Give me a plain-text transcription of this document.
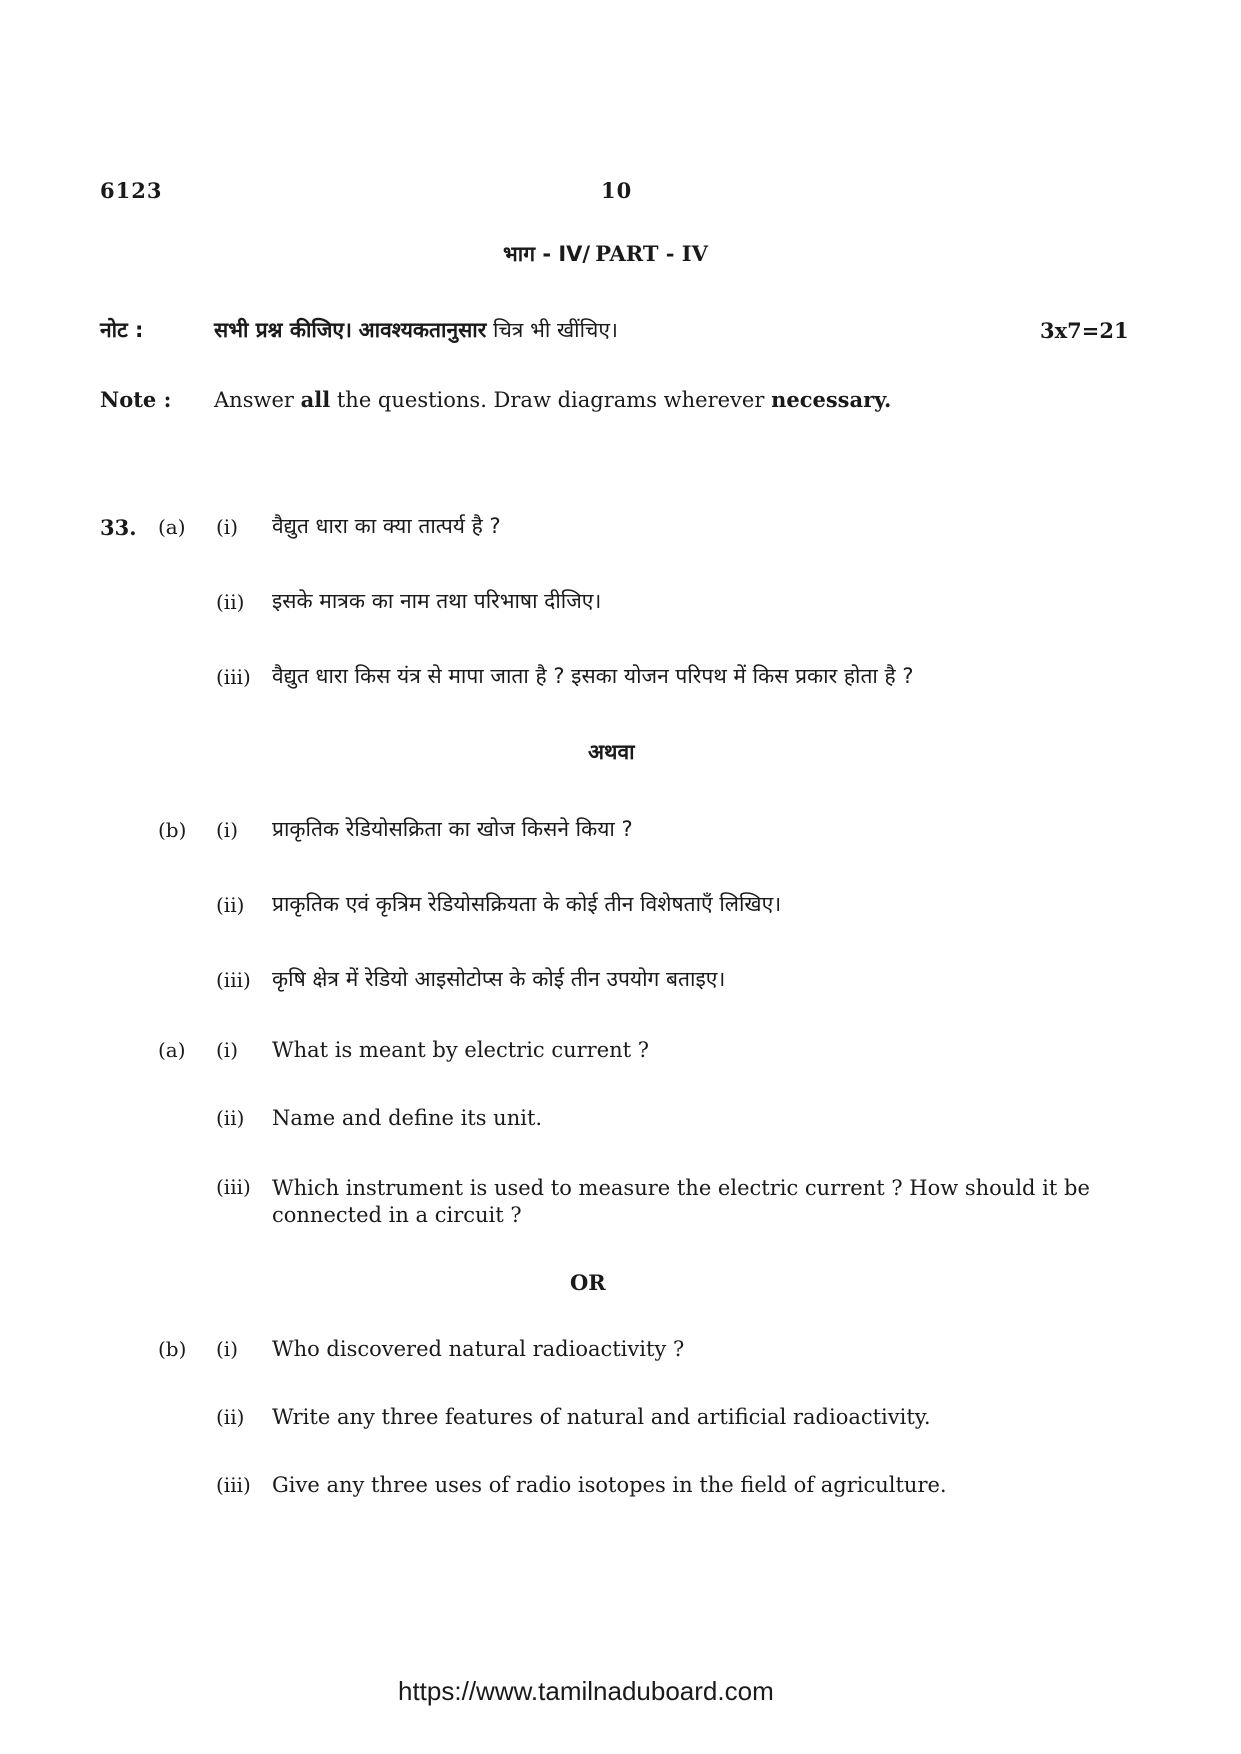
6123	10
भाग - IV/ PART - IV
नोट :	सभी प्रश्न कीजिए। आवश्यकतानुसार चित्र भी खींचिए।	3x7=21
Note : Answer all the questions. Draw diagrams wherever necessary.
33. (a) (i) वैद्युत धारा का क्या तात्पर्य है ?
(ii) इसके मात्रक का नाम तथा परिभाषा दीजिए।
(iii) वैद्युत धारा किस यंत्र से मापा जाता है ? इसका योजन परिपथ में किस प्रकार होता है ?
अथवा
(b) (i) प्राकृतिक रेडियोसक्रिता का खोज किसने किया ?
(ii) प्राकृतिक एवं कृत्रिम रेडियोसक्रियता के कोई तीन विशेषताएँ लिखिए।
(iii) कृषि क्षेत्र में रेडियो आइसोटोप्स के कोई तीन उपयोग बताइए।
(a) (i) What is meant by electric current ?
(ii) Name and define its unit.
(iii) Which instrument is used to measure the electric current ? How should it be connected in a circuit ?
OR
(b) (i) Who discovered natural radioactivity ?
(ii) Write any three features of natural and artificial radioactivity.
(iii) Give any three uses of radio isotopes in the field of agriculture.
https://www.tamilnaduboard.com
